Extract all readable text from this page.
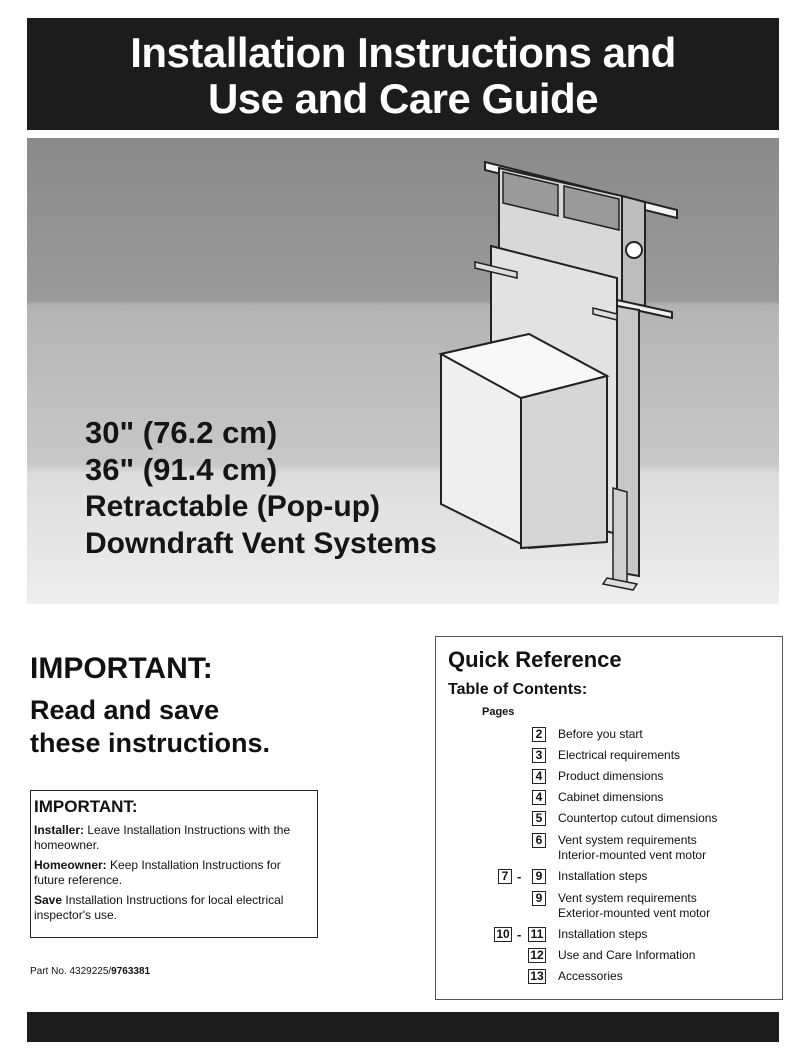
Installation Instructions and
Use and Care Guide
30" (76.2 cm)
36" (91.4 cm)
Retractable (Pop-up)
Downdraft Vent Systems
IMPORTANT:
Read and save
these instructions.
IMPORTANT:

Installer: Leave Installation Instructions with the homeowner.

Homeowner: Keep Installation Instructions for future reference.

Save Installation Instructions for local electrical inspector's use.

Part No. 4329225/9763381
Quick Reference
Table of Contents:
Pages
2	Before you start
3	Electrical requirements
4	Product dimensions
4	Cabinet dimensions
5	Countertop cutout dimensions
6	Vent system requirements
Interior-mounted vent motor
7 -	9	Installation steps
9	Vent system requirements
Exterior-mounted vent motor
10 - 11 Installation steps
12 Use and Care Information
13 Accessories
